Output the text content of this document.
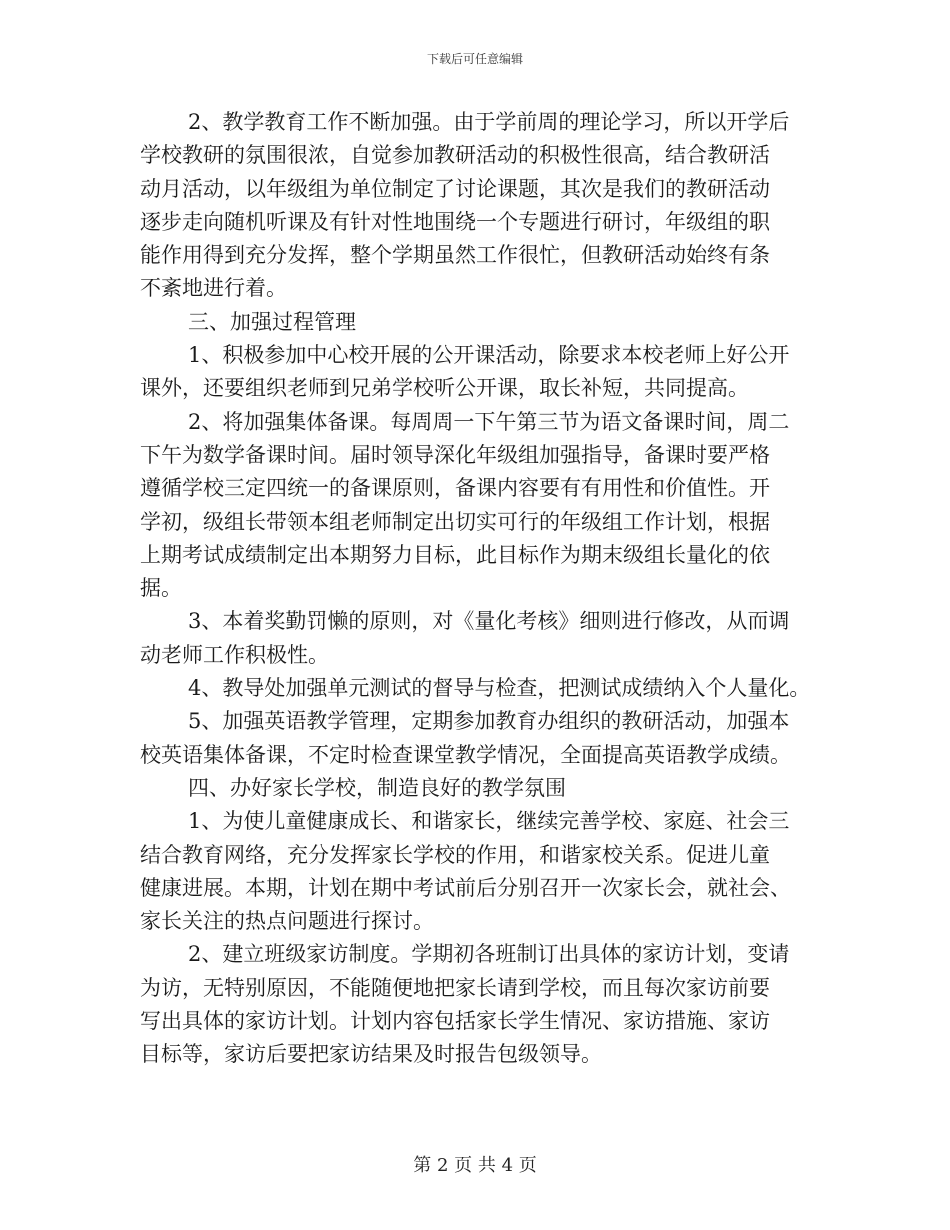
下载后可任意编辑
2、教学教育工作不断加强。由于学前周的理论学习，所以开学后
学校教研的氛围很浓，自觉参加教研活动的积极性很高，结合教研活
动月活动，以年级组为单位制定了讨论课题，其次是我们的教研活动
逐步走向随机听课及有针对性地围绕一个专题进行研讨，年级组的职
能作用得到充分发挥，整个学期虽然工作很忙，但教研活动始终有条
不紊地进行着。
三、加强过程管理
1、积极参加中心校开展的公开课活动，除要求本校老师上好公开
课外，还要组织老师到兄弟学校听公开课，取长补短，共同提高。
2、将加强集体备课。每周周一下午第三节为语文备课时间，周二
下午为数学备课时间。届时领导深化年级组加强指导，备课时要严格
遵循学校三定四统一的备课原则，备课内容要有有用性和价值性。开
学初，级组长带领本组老师制定出切实可行的年级组工作计划，根据
上期考试成绩制定出本期努力目标，此目标作为期末级组长量化的依
据。
3、本着奖勤罚懒的原则，对《量化考核》细则进行修改，从而调
动老师工作积极性。
4、教导处加强单元测试的督导与检查，把测试成绩纳入个人量化。
5、加强英语教学管理，定期参加教育办组织的教研活动，加强本
校英语集体备课，不定时检查课堂教学情况，全面提高英语教学成绩。
四、办好家长学校，制造良好的教学氛围
1、为使儿童健康成长、和谐家长，继续完善学校、家庭、社会三
结合教育网络，充分发挥家长学校的作用，和谐家校关系。促进儿童
健康进展。本期，计划在期中考试前后分别召开一次家长会，就社会、
家长关注的热点问题进行探讨。
2、建立班级家访制度。学期初各班制订出具体的家访计划，变请
为访，无特别原因，不能随便地把家长请到学校，而且每次家访前要
写出具体的家访计划。计划内容包括家长学生情况、家访措施、家访
目标等，家访后要把家访结果及时报告包级领导。
第 2 页 共 4 页
